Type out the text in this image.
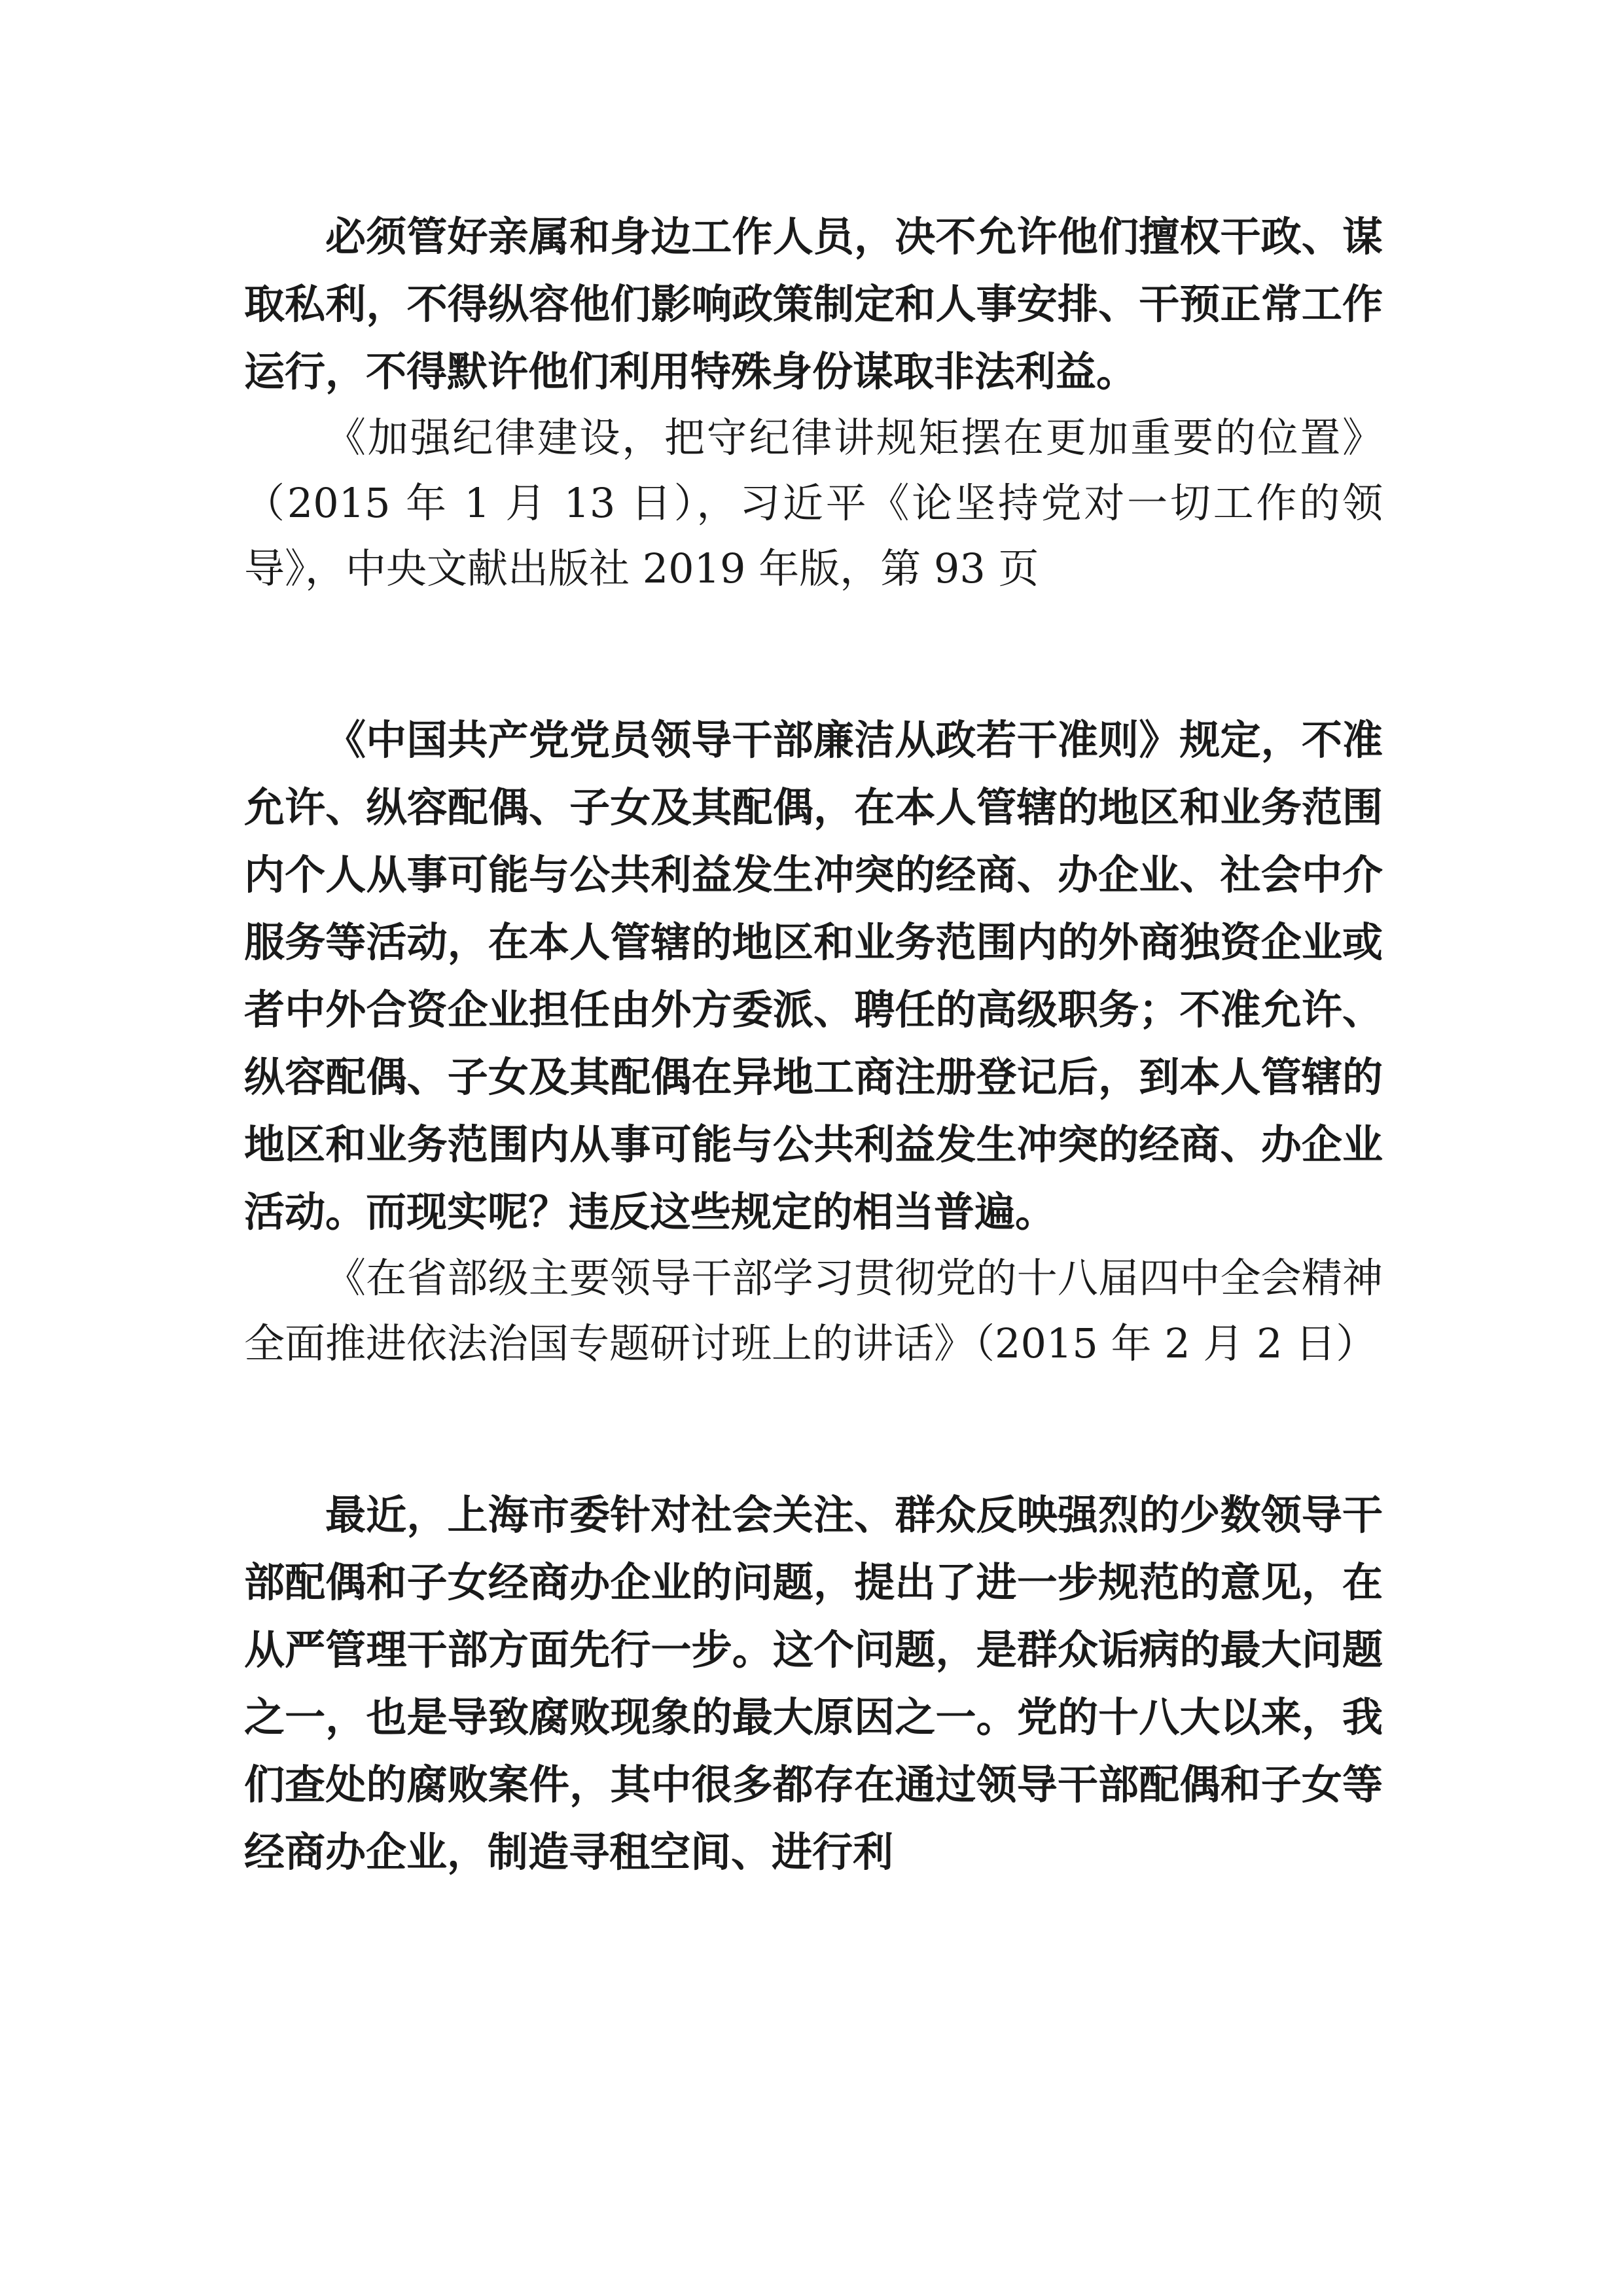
必须管好亲属和身边工作人员，决不允许他们擅权干政、谋取私利，不得纵容他们影响政策制定和人事安排、干预正常工作运行，不得默许他们利用特殊身份谋取非法利益。

《加强纪律建设，把守纪律讲规矩摆在更加重要的位置》（2015 年 1 月 13 日），习近平《论坚持党对一切工作的领导》，中央文献出版社 2019 年版，第 93 页

《中国共产党党员领导干部廉洁从政若干准则》规定，不准允许、纵容配偶、子女及其配偶，在本人管辖的地区和业务范围内个人从事可能与公共利益发生冲突的经商、办企业、社会中介服务等活动，在本人管辖的地区和业务范围内的外商独资企业或者中外合资企业担任由外方委派、聘任的高级职务；不准允许、纵容配偶、子女及其配偶在异地工商注册登记后，到本人管辖的地区和业务范围内从事可能与公共利益发生冲突的经商、办企业活动。而现实呢？违反这些规定的相当普遍。

《在省部级主要领导干部学习贯彻党的十八届四中全会精神全面推进依法治国专题研讨班上的讲话》（2015 年 2 月 2 日）

最近，上海市委针对社会关注、群众反映强烈的少数领导干部配偶和子女经商办企业的问题，提出了进一步规范的意见，在从严管理干部方面先行一步。这个问题，是群众诟病的最大问题之一，也是导致腐败现象的最大原因之一。党的十八大以来，我们查处的腐败案件，其中很多都存在通过领导干部配偶和子女等经商办企业，制造寻租空间、进行利
